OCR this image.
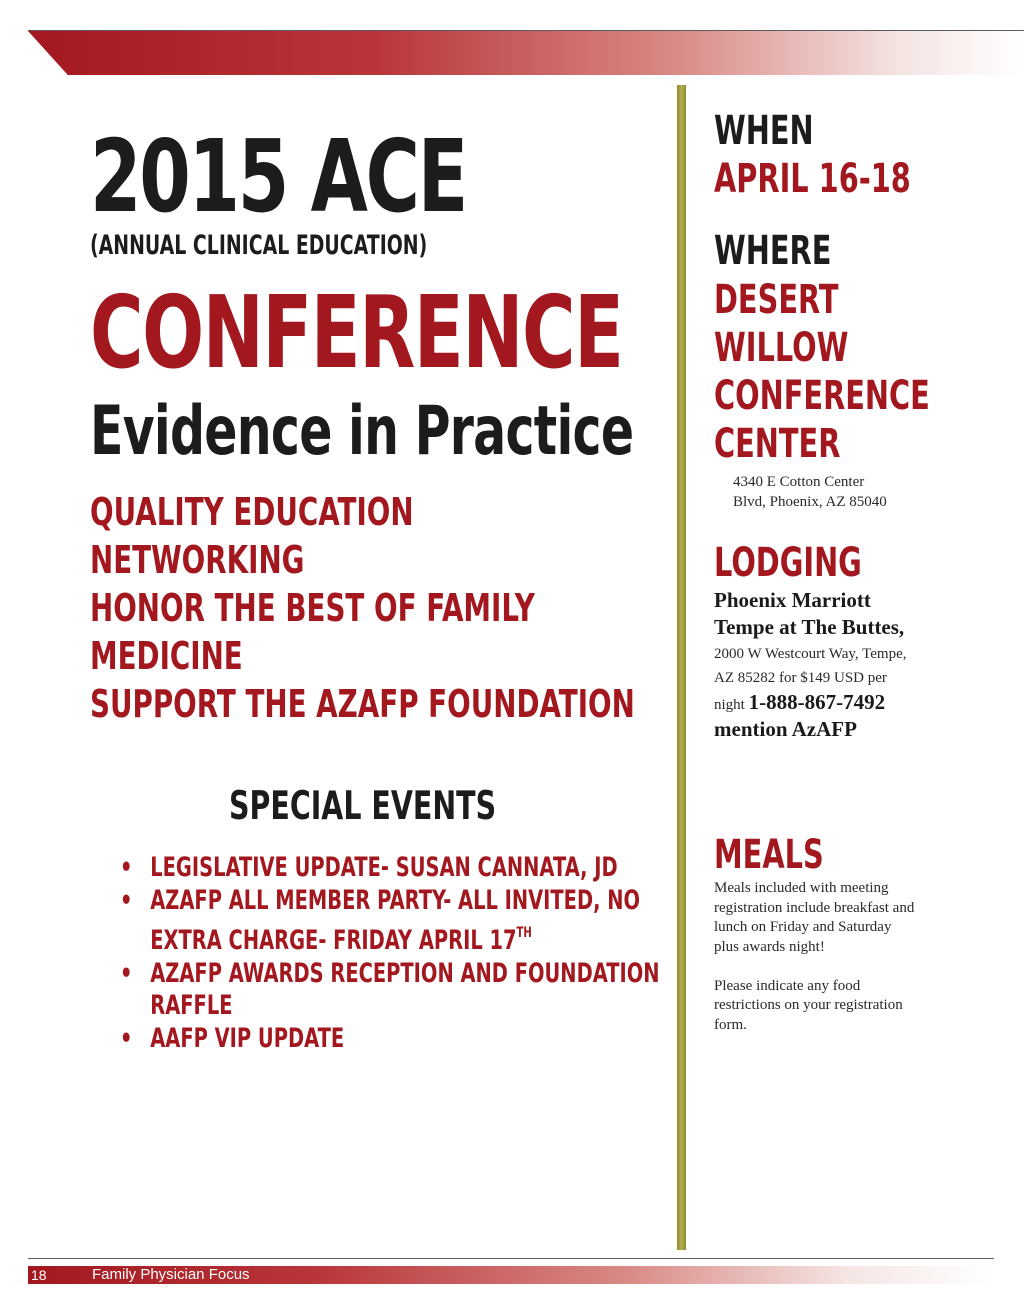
2015 ACE
(ANNUAL CLINICAL EDUCATION)
CONFERENCE
Evidence in Practice
QUALITY EDUCATION
NETWORKING
HONOR THE BEST OF FAMILY
MEDICINE
SUPPORT THE AZAFP FOUNDATION
SPECIAL EVENTS
• LEGISLATIVE UPDATE- SUSAN CANNATA, JD
• AZAFP ALL MEMBER PARTY- ALL INVITED, NO
EXTRA CHARGE- FRIDAY APRIL 17TH
• AZAFP AWARDS RECEPTION AND FOUNDATION
RAFFLE
• AAFP VIP UPDATE
WHEN
APRIL 16-18
WHERE
DESERT
WILLOW
CONFERENCE
CENTER
4340 E Cotton Center
Blvd, Phoenix, AZ 85040
LODGING
Phoenix Marriott Tempe at The Buttes, 2000 W Westcourt Way, Tempe, AZ 85282 for $149 USD per night 1-888-867-7492 mention AzAFP
MEALS

Meals included with meeting registration include breakfast and lunch on Friday and Saturday plus awards night!

Please indicate any food restrictions on your registration form.

18	Family Physician Focus
